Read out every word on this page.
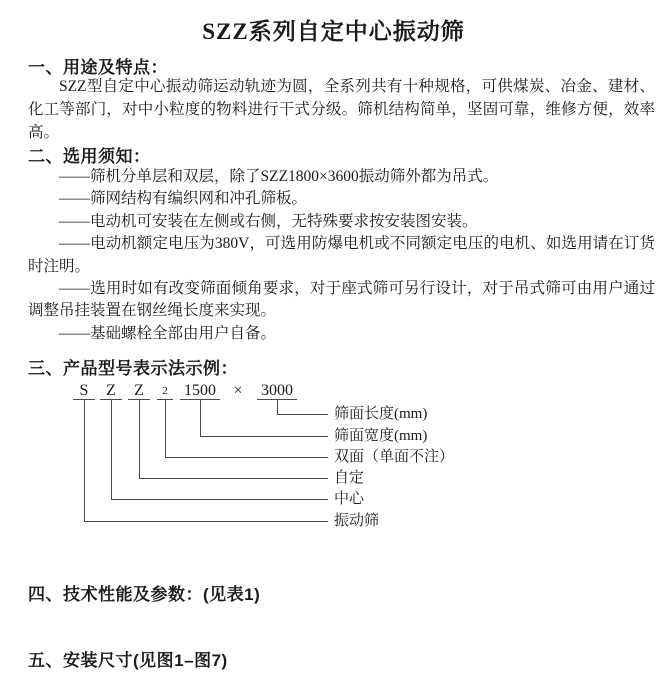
SZZ系列自定中心振动筛
一、用途及特点：
SZZ型自定中心振动筛运动轨迹为圆，全系列共有十种规格，可供煤炭、冶金、建材、化工等部门，对中小粒度的物料进行干式分级。筛机结构简单，坚固可靠，维修方便，效率高。
二、选用须知：
——筛机分单层和双层，除了SZZ1800×3600振动筛外都为吊式。
——筛网结构有编织网和冲孔筛板。
——电动机可安装在左侧或右侧，无特殊要求按安装图安装。
——电动机额定电压为380V，可选用防爆电机或不同额定电压的电机、如选用请在订货时注明。
——选用时如有改变筛面倾角要求，对于座式筛可另行设计，对于吊式筛可由用户通过调整吊挂装置在钢丝绳长度来实现。
——基础螺栓全部由用户自备。
三、产品型号表示法示例：
S	Z	Z	2	1500	×	3000
筛面长度(mm)
筛面宽度(mm)
双面（单面不注）
自定
中心
振动筛
四、技术性能及参数：(见表1)
五、安装尺寸(见图1–图7)
